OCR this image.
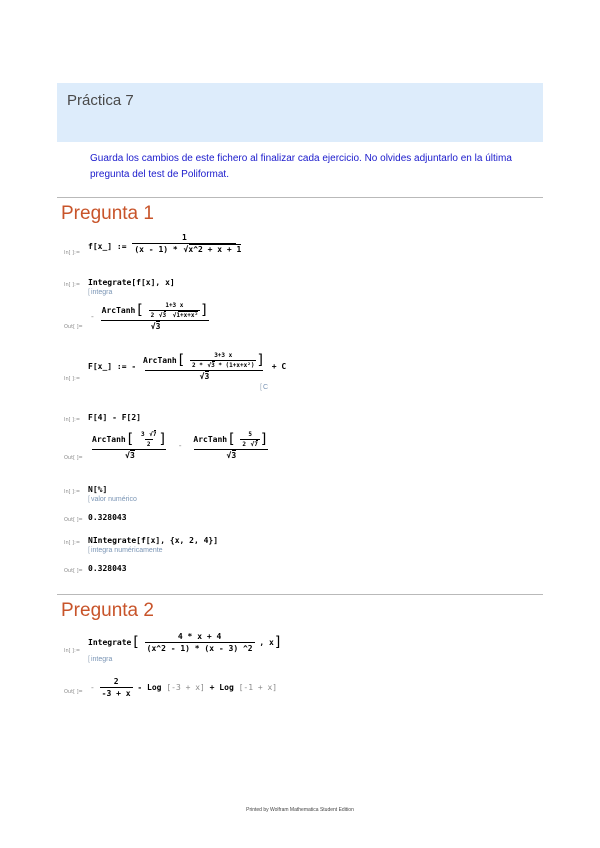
Práctica 7
Guarda los cambios de este fichero al finalizar cada ejercicio. No olvides adjuntarlo en la última pregunta del test de Poliformat.
Pregunta 1
In[ ]:=
f[x_] := $\frac{1}{(x - 1) * √ x\^{}2 + x + 1}$
In[ ]:= Integrate[f[x], x]
[ integra
Out[ ]=
-
ArcTanh[ $\frac{1+3 x}{\text{2 √ 3 √ 1+x+x²}}$ ]
√ 3
In[ ]:=
F[x_] := -
ArcTanh[ $\frac{3+3 x}{\text{2 * √ 3 * (1+x+x²)}}$ ]
√ 3
+ C
[ C
In[ ]:= F[4] - F[2]
Out[ ]=
ArcTanh[ $\frac{3 √ 7}{2}$ ]
√ 3
-
ArcTanh[ $\frac{5}{2 √ 7}$ ]
√ 3
In[ ]:= N[%]
[ valor numérico
Out[ ]= 0.328043
In[ ]:= NIntegrate[f[x], {x, 2, 4}]
[ integra numéricamente
Out[ ]= 0.328043
Pregunta 2
In[ ]:=
Integrate[ $\frac{4 * x + 4}{(x\^{}2 - 1) * (x - 3) \^{}2}$ , x]
[ integra
Out[ ]= - $\frac{2}{-3 + x}$ - Log [-3 + x] + Log [-1 + x]
Printed by Wolfram Mathematica Student Edition
